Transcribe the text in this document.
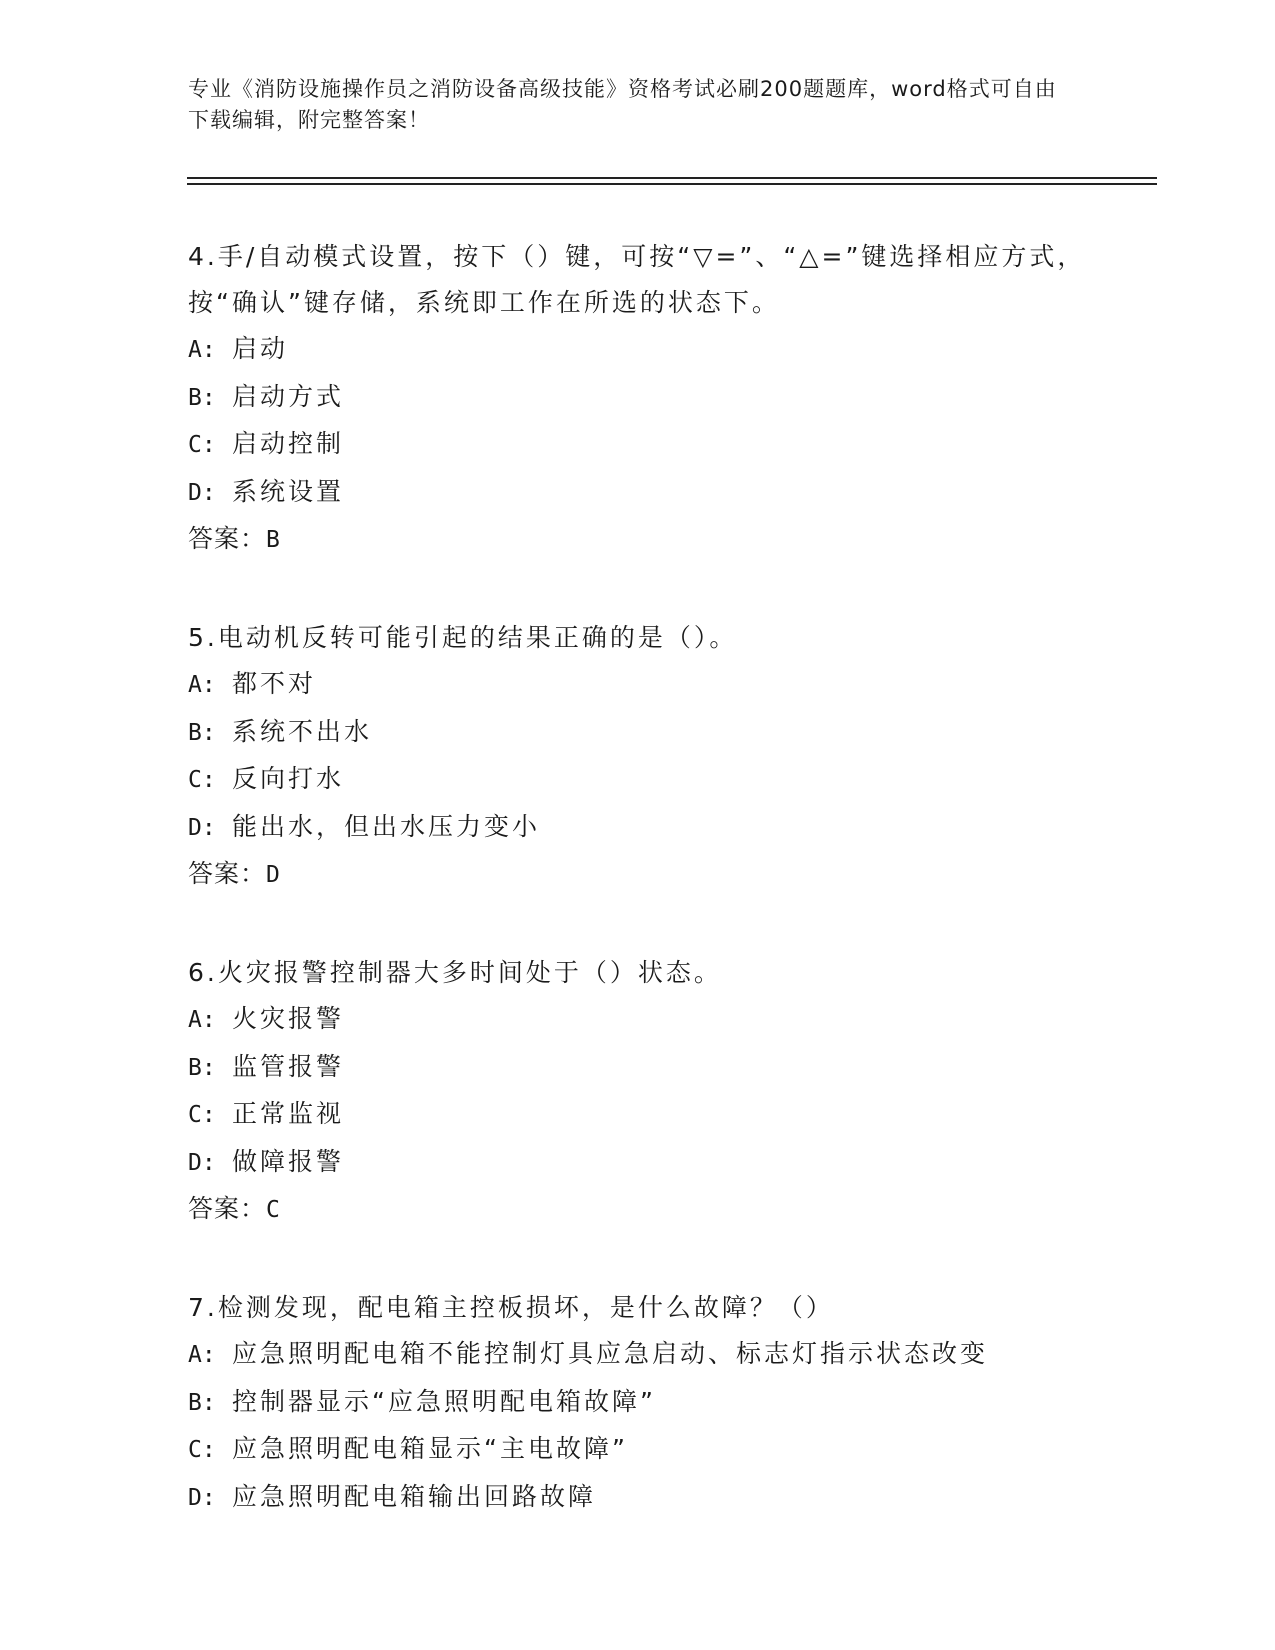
专业《消防设施操作员之消防设备高级技能》资格考试必刷200题题库，word格式可自由下载编辑，附完整答案！
4.手/自动模式设置，按下（）键，可按“▽=”、“△=”键选择相应方式，按“确认”键存储，系统即工作在所选的状态下。
A: 启动
B: 启动方式
C: 启动控制
D: 系统设置
答案：B
5.电动机反转可能引起的结果正确的是（）。
A: 都不对
B: 系统不出水
C: 反向打水
D: 能出水，但出水压力变小
答案：D
6.火灾报警控制器大多时间处于（）状态。
A: 火灾报警
B: 监管报警
C: 正常监视
D: 做障报警
答案：C
7.检测发现，配电箱主控板损坏，是什么故障？（）
A: 应急照明配电箱不能控制灯具应急启动、标志灯指示状态改变
B: 控制器显示“应急照明配电箱故障”
C: 应急照明配电箱显示“主电故障”
D: 应急照明配电箱输出回路故障
